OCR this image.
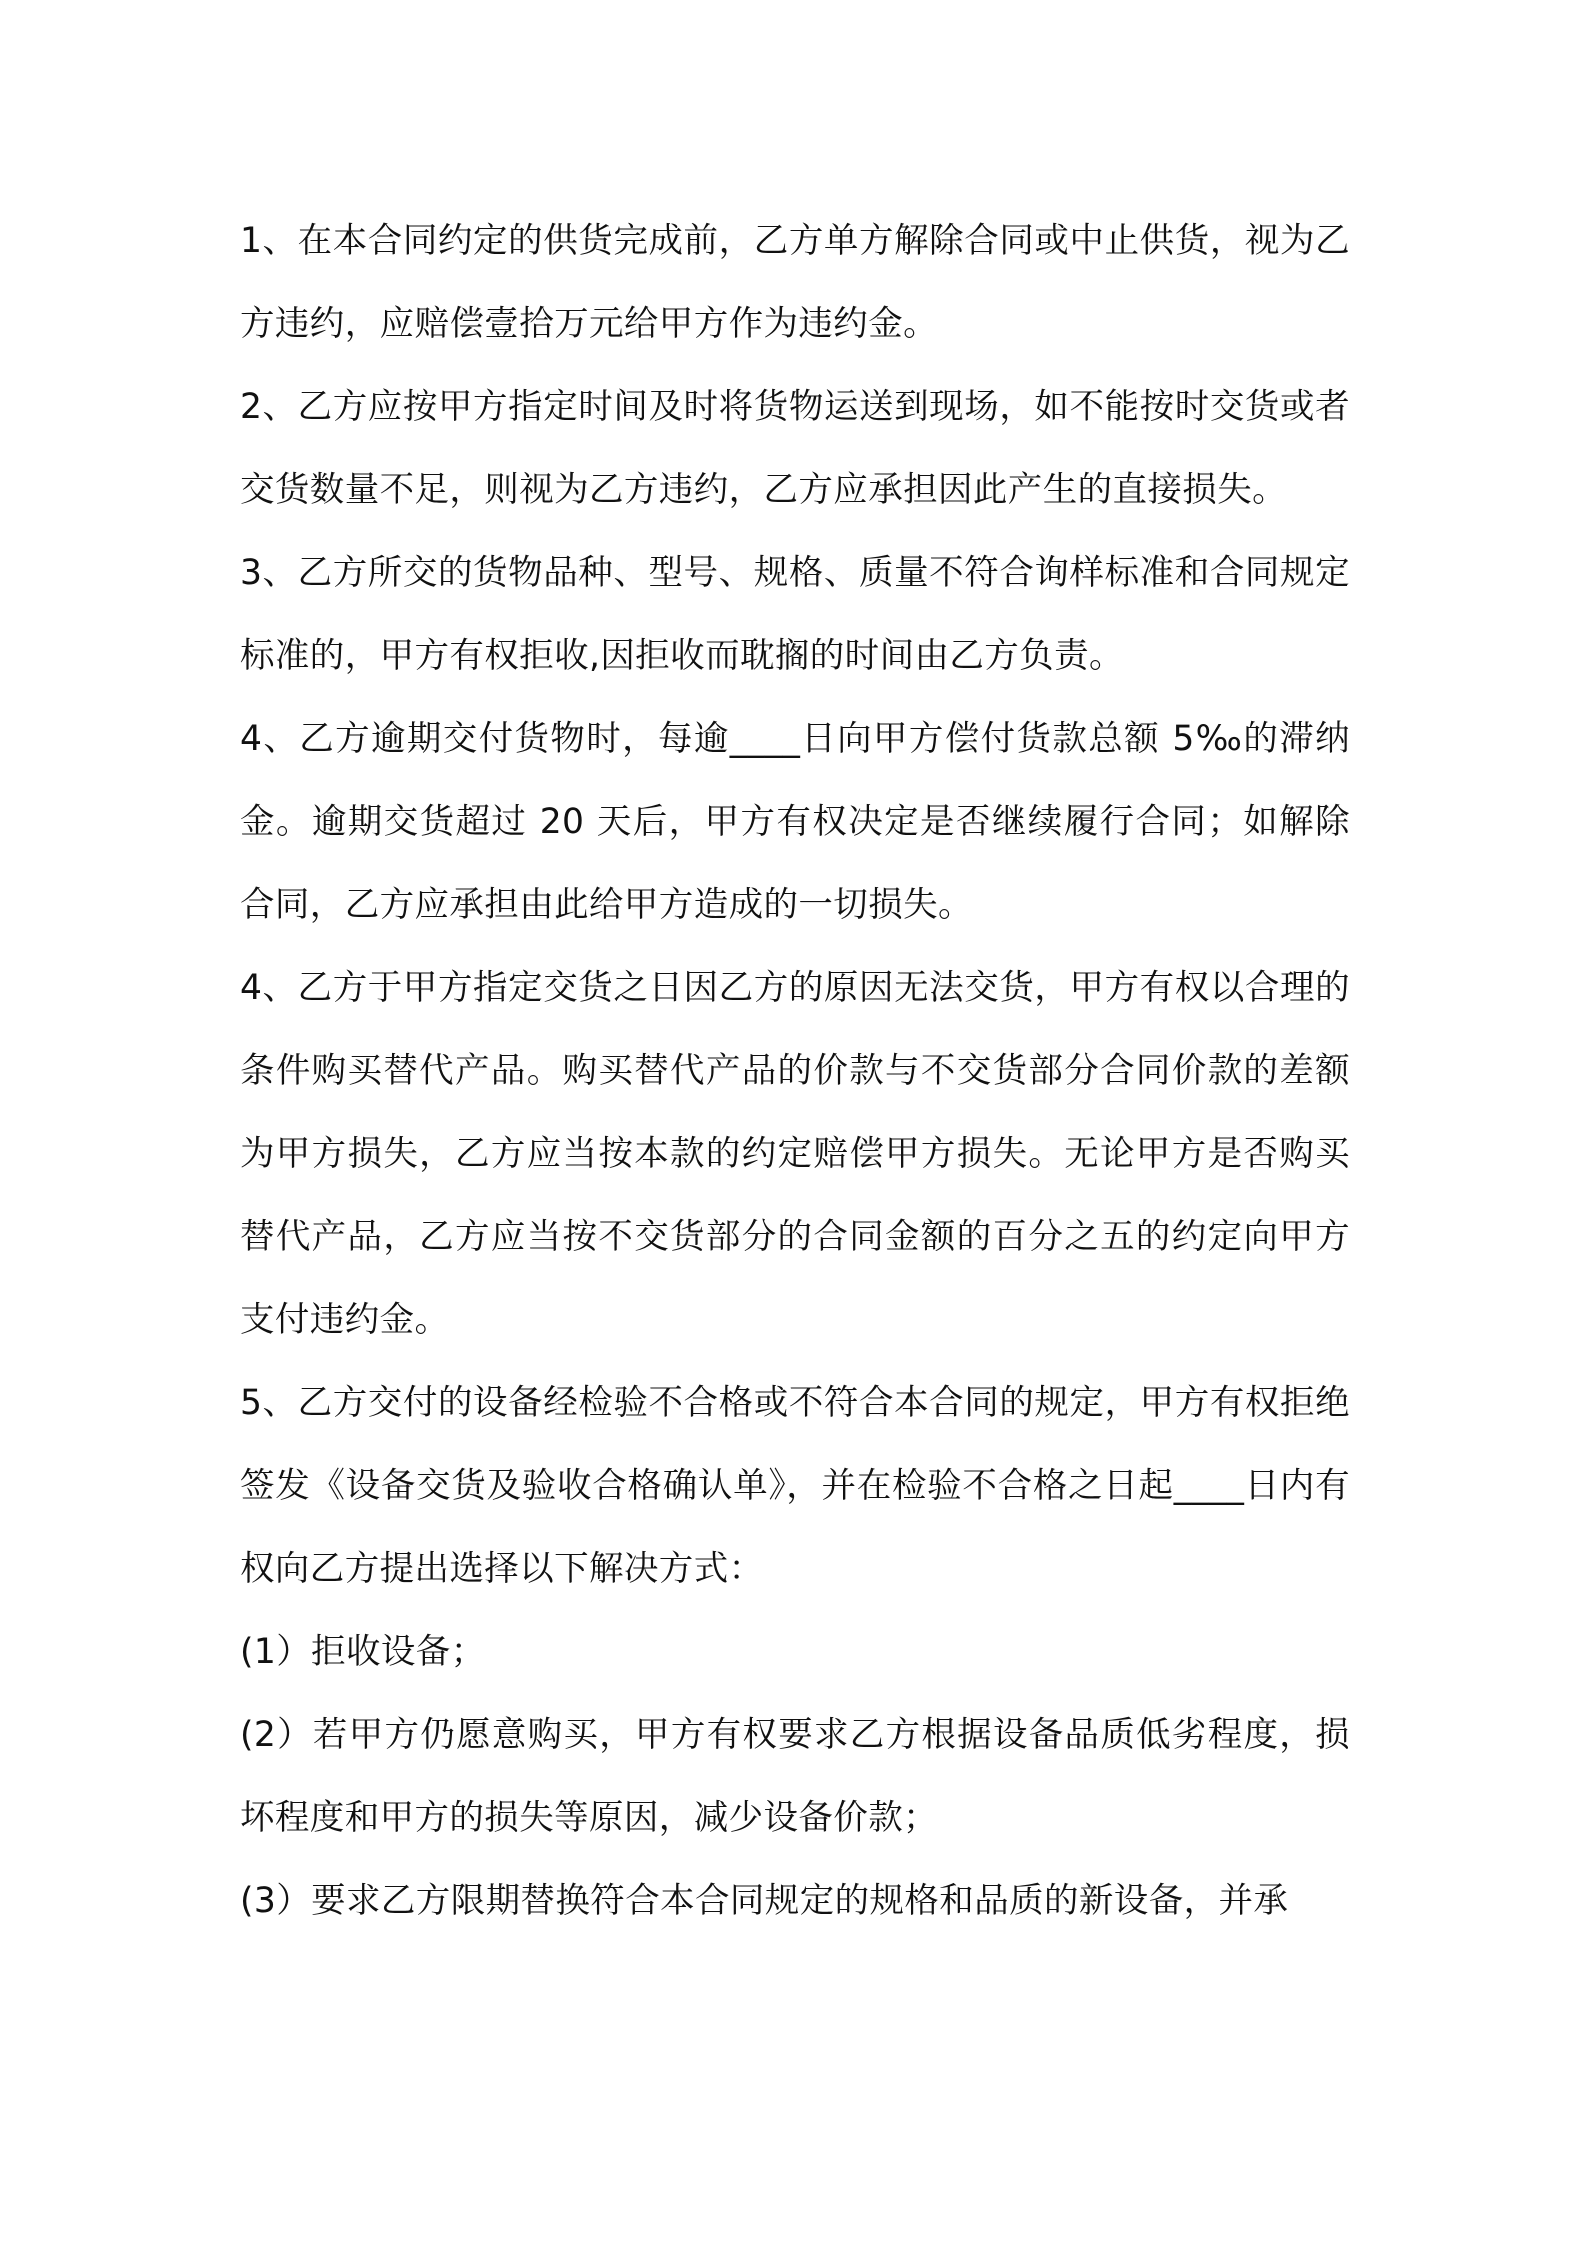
1、在本合同约定的供货完成前，乙方单方解除合同或中止供货，视为乙方违约，应赔偿壹拾万元给甲方作为违约金。

2、乙方应按甲方指定时间及时将货物运送到现场，如不能按时交货或者交货数量不足，则视为乙方违约，乙方应承担因此产生的直接损失。

3、乙方所交的货物品种、型号、规格、质量不符合询样标准和合同规定标准的，甲方有权拒收,因拒收而耽搁的时间由乙方负责。

4、乙方逾期交付货物时，每逾____日向甲方偿付货款总额 5‰的滞纳金。逾期交货超过 20 天后，甲方有权决定是否继续履行合同；如解除合同，乙方应承担由此给甲方造成的一切损失。

4、乙方于甲方指定交货之日因乙方的原因无法交货，甲方有权以合理的条件购买替代产品。购买替代产品的价款与不交货部分合同价款的差额为甲方损失，乙方应当按本款的约定赔偿甲方损失。无论甲方是否购买替代产品，乙方应当按不交货部分的合同金额的百分之五的约定向甲方支付违约金。

5、乙方交付的设备经检验不合格或不符合本合同的规定，甲方有权拒绝签发《设备交货及验收合格确认单》，并在检验不合格之日起____日内有权向乙方提出选择以下解决方式：

(1）拒收设备；

(2）若甲方仍愿意购买，甲方有权要求乙方根据设备品质低劣程度，损坏程度和甲方的损失等原因，减少设备价款；

(3）要求乙方限期替换符合本合同规定的规格和品质的新设备，并承
